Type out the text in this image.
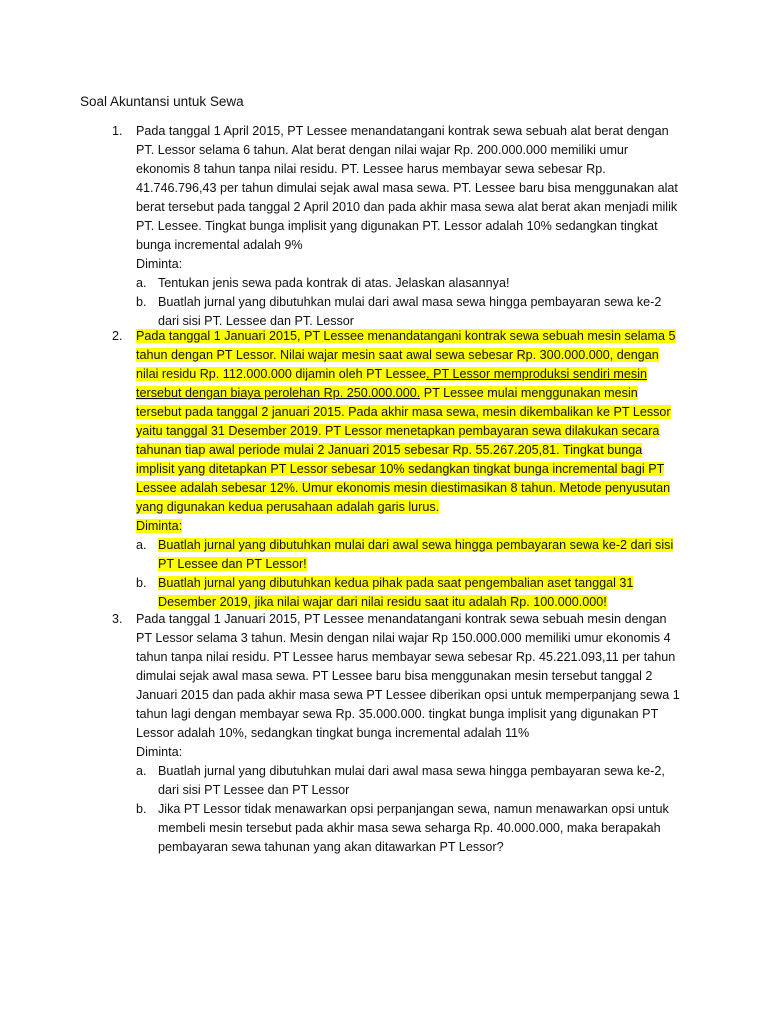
Soal Akuntansi untuk Sewa
1. Pada tanggal 1 April 2015, PT Lessee menandatangani kontrak sewa sebuah alat berat dengan PT. Lessor selama 6 tahun. Alat berat dengan nilai wajar Rp. 200.000.000 memiliki umur ekonomis 8 tahun tanpa nilai residu. PT. Lessee harus membayar sewa sebesar Rp. 41.746.796,43 per tahun dimulai sejak awal masa sewa. PT. Lessee baru bisa menggunakan alat berat tersebut pada tanggal 2 April 2010 dan pada akhir masa sewa alat berat akan menjadi milik PT. Lessee. Tingkat bunga implisit yang digunakan PT. Lessor adalah 10% sedangkan tingkat bunga incremental adalah 9%

Diminta:

a. Tentukan jenis sewa pada kontrak di atas. Jelaskan alasannya!
b. Buatlah jurnal yang dibutuhkan mulai dari awal masa sewa hingga pembayaran sewa ke-2 dari sisi PT. Lessee dan PT. Lessor
2. Pada tanggal 1 Januari 2015, PT Lessee menandatangani kontrak sewa sebuah mesin selama 5 tahun dengan PT Lessor. Nilai wajar mesin saat awal sewa sebesar Rp. 300.000.000, dengan nilai residu Rp. 112.000.000 dijamin oleh PT Lessee. PT Lessor memproduksi sendiri mesin tersebut dengan biaya perolehan Rp. 250.000.000. PT Lessee mulai menggunakan mesin tersebut pada tanggal 2 januari 2015. Pada akhir masa sewa, mesin dikembalikan ke PT Lessor yaitu tanggal 31 Desember 2019. PT Lessor menetapkan pembayaran sewa dilakukan secara tahunan tiap awal periode mulai 2 Januari 2015 sebesar Rp. 55.267.205,81. Tingkat bunga implisit yang ditetapkan PT Lessor sebesar 10% sedangkan tingkat bunga incremental bagi PT Lessee adalah sebesar 12%. Umur ekonomis mesin diestimasikan 8 tahun. Metode penyusutan yang digunakan kedua perusahaan adalah garis lurus.

Diminta:

a. Buatlah jurnal yang dibutuhkan mulai dari awal sewa hingga pembayaran sewa ke-2 dari sisi PT Lessee dan PT Lessor!
b. Buatlah jurnal yang dibutuhkan kedua pihak pada saat pengembalian aset tanggal 31 Desember 2019, jika nilai wajar dari nilai residu saat itu adalah Rp. 100.000.000!
3. Pada tanggal 1 Januari 2015, PT Lessee menandatangani kontrak sewa sebuah mesin dengan PT Lessor selama 3 tahun. Mesin dengan nilai wajar Rp 150.000.000 memiliki umur ekonomis 4 tahun tanpa nilai residu. PT Lessee harus membayar sewa sebesar Rp. 45.221.093,11 per tahun dimulai sejak awal masa sewa. PT Lessee baru bisa menggunakan mesin tersebut tanggal 2 Januari 2015 dan pada akhir masa sewa PT Lessee diberikan opsi untuk memperpanjang sewa 1 tahun lagi dengan membayar sewa Rp. 35.000.000. tingkat bunga implisit yang digunakan PT Lessor adalah 10%, sedangkan tingkat bunga incremental adalah 11%

Diminta:

a. Buatlah jurnal yang dibutuhkan mulai dari awal masa sewa hingga pembayaran sewa ke-2, dari sisi PT Lessee dan PT Lessor
b. Jika PT Lessor tidak menawarkan opsi perpanjangan sewa, namun menawarkan opsi untuk membeli mesin tersebut pada akhir masa sewa seharga Rp. 40.000.000, maka berapakah pembayaran sewa tahunan yang akan ditawarkan PT Lessor?
